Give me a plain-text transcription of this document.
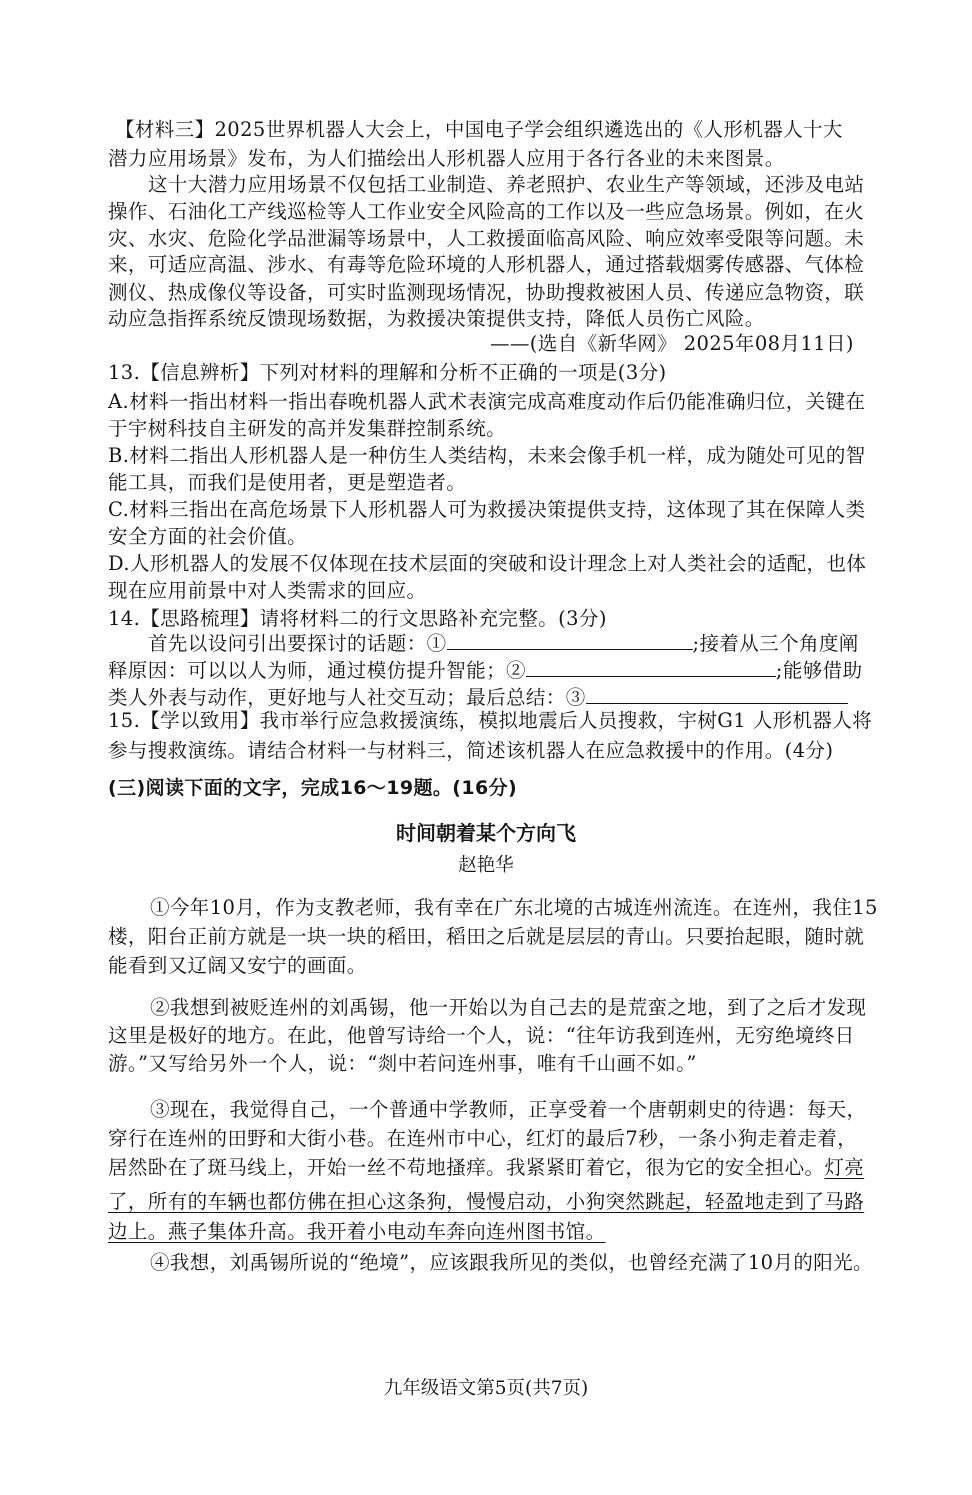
【材料三】2025世界机器人大会上，中国电子学会组织遴选出的《人形机器人十大
潜力应用场景》发布，为人们描绘出人形机器人应用于各行各业的未来图景。
这十大潜力应用场景不仅包括工业制造、养老照护、农业生产等领域，还涉及电站
操作、石油化工产线巡检等人工作业安全风险高的工作以及一些应急场景。例如，在火
灾、水灾、危险化学品泄漏等场景中，人工救援面临高风险、响应效率受限等问题。未
来，可适应高温、涉水、有毒等危险环境的人形机器人，通过搭载烟雾传感器、气体检
测仪、热成像仪等设备，可实时监测现场情况，协助搜救被困人员、传递应急物资，联
动应急指挥系统反馈现场数据，为救援决策提供支持，降低人员伤亡风险。
——(选自《新华网》 2025年08月11日)
13.【信息辨析】下列对材料的理解和分析不正确的一项是(3分)
A.材料一指出材料一指出春晚机器人武术表演完成高难度动作后仍能准确归位，关键在
于宇树科技自主研发的高并发集群控制系统。
B.材料二指出人形机器人是一种仿生人类结构，未来会像手机一样，成为随处可见的智
能工具，而我们是使用者，更是塑造者。
C.材料三指出在高危场景下人形机器人可为救援决策提供支持，这体现了其在保障人类
安全方面的社会价值。
D.人形机器人的发展不仅体现在技术层面的突破和设计理念上对人类社会的适配，也体
现在应用前景中对人类需求的回应。
14.【思路梳理】请将材料二的行文思路补充完整。(3分)
首先以设问引出要探讨的话题：①	;接着从三个角度阐
释原因：可以以人为师，通过模仿提升智能；②	;能够借助
类人外表与动作，更好地与人社交互动；最后总结：③
15.【学以致用】我市举行应急救援演练，模拟地震后人员搜救，宇树G1 人形机器人将
参与搜救演练。请结合材料一与材料三，简述该机器人在应急救援中的作用。(4分)
(三)阅读下面的文字，完成16～19题。(16分)
时间朝着某个方向飞
赵艳华
①今年10月，作为支教老师，我有幸在广东北境的古城连州流连。在连州，我住15
楼，阳台正前方就是一块一块的稻田，稻田之后就是层层的青山。只要抬起眼，随时就
能看到又辽阔又安宁的画面。
②我想到被贬连州的刘禹锡，他一开始以为自己去的是荒蛮之地，到了之后才发现
这里是极好的地方。在此，他曾写诗给一个人，说：“往年访我到连州，无穷绝境终日
游。”又写给另外一个人，说：“剡中若问连州事，唯有千山画不如。”
③现在，我觉得自己，一个普通中学教师，正享受着一个唐朝刺史的待遇：每天，
穿行在连州的田野和大街小巷。在连州市中心，红灯的最后7秒，一条小狗走着走着，
居然卧在了斑马线上，开始一丝不苟地搔痒。我紧紧盯着它，很为它的安全担心。灯亮
了，所有的车辆也都仿佛在担心这条狗，慢慢启动，小狗突然跳起，轻盈地走到了马路
边上。燕子集体升高。我开着小电动车奔向连州图书馆。
④我想，刘禹锡所说的“绝境”，应该跟我所见的类似，也曾经充满了10月的阳光。
九年级语文第5页(共7页)
